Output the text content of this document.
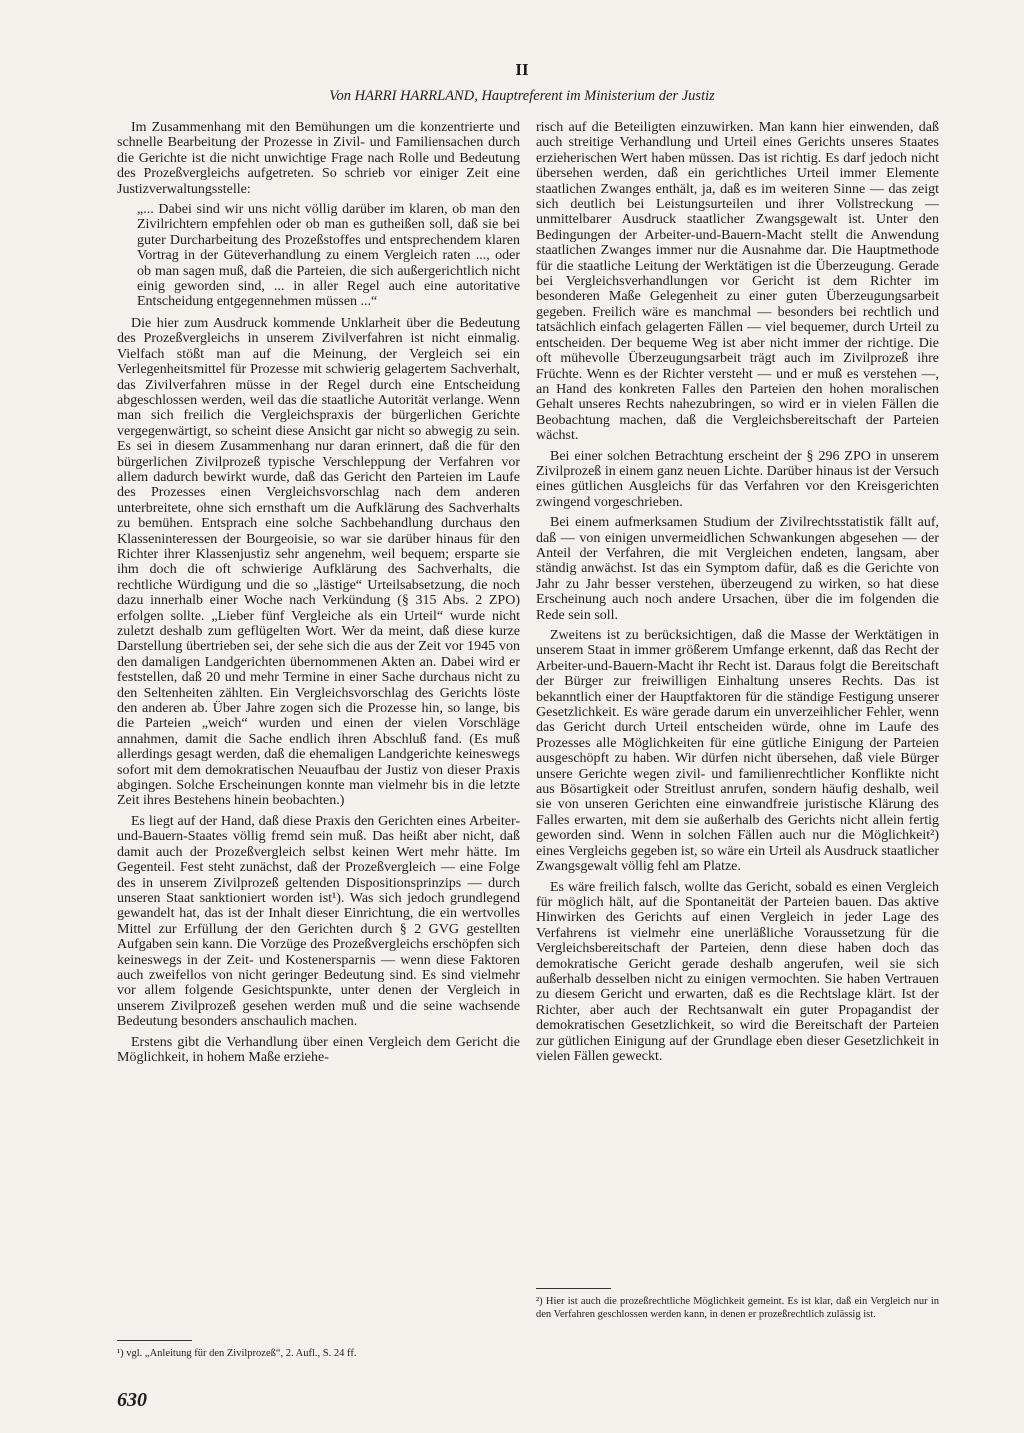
II
Von HARRI HARRLAND, Hauptreferent im Ministerium der Justiz

Im Zusammenhang mit den Bemühungen um die konzentrierte und schnelle Bearbeitung der Prozesse in Zivil- und Familiensachen durch die Gerichte ist die nicht unwichtige Frage nach Rolle und Bedeutung des Prozeßvergleichs aufgetreten. So schrieb vor einiger Zeit eine Justizverwaltungsstelle:

„... Dabei sind wir uns nicht völlig darüber im klaren, ob man den Zivilrichtern empfehlen oder ob man es gutheißen soll, daß sie bei guter Durcharbeitung des Prozeßstoffes und entsprechendem klaren Vortrag in der Güteverhandlung zu einem Vergleich raten ..., oder ob man sagen muß, daß die Parteien, die sich außergerichtlich nicht einig geworden sind, ... in aller Regel auch eine autoritative Entscheidung entgegennehmen müssen ...“

Die hier zum Ausdruck kommende Unklarheit über die Bedeutung des Prozeßvergleichs in unserem Zivilverfahren ist nicht einmalig. Vielfach stößt man auf die Meinung, der Vergleich sei ein Verlegenheitsmittel für Prozesse mit schwierig gelagertem Sachverhalt, das Zivilverfahren müsse in der Regel durch eine Entscheidung abgeschlossen werden, weil das die staatliche Autorität verlange. Wenn man sich freilich die Vergleichspraxis der bürgerlichen Gerichte vergegenwärtigt, so scheint diese Ansicht gar nicht so abwegig zu sein. Es sei in diesem Zusammenhang nur daran erinnert, daß die für den bürgerlichen Zivilprozeß typische Verschleppung der Verfahren vor allem dadurch bewirkt wurde, daß das Gericht den Parteien im Laufe des Prozesses einen Vergleichsvorschlag nach dem anderen unterbreitete, ohne sich ernsthaft um die Aufklärung des Sachverhalts zu bemühen. Entsprach eine solche Sachbehandlung durchaus den Klasseninteressen der Bourgeoisie, so war sie darüber hinaus für den Richter ihrer Klassenjustiz sehr angenehm, weil bequem; ersparte sie ihm doch die oft schwierige Aufklärung des Sachverhalts, die rechtliche Würdigung und die so „lästige“ Urteilsabsetzung, die noch dazu innerhalb einer Woche nach Verkündung (§ 315 Abs. 2 ZPO) erfolgen sollte. „Lieber fünf Vergleiche als ein Urteil“ wurde nicht zuletzt deshalb zum geflügelten Wort. Wer da meint, daß diese kurze Darstellung übertrieben sei, der sehe sich die aus der Zeit vor 1945 von den damaligen Landgerichten übernommenen Akten an. Dabei wird er feststellen, daß 20 und mehr Termine in einer Sache durchaus nicht zu den Seltenheiten zählten. Ein Vergleichsvorschlag des Gerichts löste den anderen ab. Über Jahre zogen sich die Prozesse hin, so lange, bis die Parteien „weich“ wurden und einen der vielen Vorschläge annahmen, damit die Sache endlich ihren Abschluß fand. (Es muß allerdings gesagt werden, daß die ehemaligen Landgerichte keineswegs sofort mit dem demokratischen Neuaufbau der Justiz von dieser Praxis abgingen. Solche Erscheinungen konnte man vielmehr bis in die letzte Zeit ihres Bestehens hinein beobachten.)

Es liegt auf der Hand, daß diese Praxis den Gerichten eines Arbeiter-und-Bauern-Staates völlig fremd sein muß. Das heißt aber nicht, daß damit auch der Prozeßvergleich selbst keinen Wert mehr hätte. Im Gegenteil. Fest steht zunächst, daß der Prozeßvergleich — eine Folge des in unserem Zivilprozeß geltenden Dispositionsprinzips — durch unseren Staat sanktioniert worden ist¹). Was sich jedoch grundlegend gewandelt hat, das ist der Inhalt dieser Einrichtung, die ein wertvolles Mittel zur Erfüllung der den Gerichten durch § 2 GVG gestellten Aufgaben sein kann. Die Vorzüge des Prozeßvergleichs erschöpfen sich keineswegs in der Zeit- und Kostenersparnis — wenn diese Faktoren auch zweifellos von nicht geringer Bedeutung sind. Es sind vielmehr vor allem folgende Gesichtspunkte, unter denen der Vergleich in unserem Zivilprozeß gesehen werden muß und die seine wachsende Bedeutung besonders anschaulich machen.

Erstens gibt die Verhandlung über einen Vergleich dem Gericht die Möglichkeit, in hohem Maße erziehe-

risch auf die Beteiligten einzuwirken. Man kann hier einwenden, daß auch streitige Verhandlung und Urteil eines Gerichts unseres Staates erzieherischen Wert haben müssen. Das ist richtig. Es darf jedoch nicht übersehen werden, daß ein gerichtliches Urteil immer Elemente staatlichen Zwanges enthält, ja, daß es im weiteren Sinne — das zeigt sich deutlich bei Leistungsurteilen und ihrer Vollstreckung — unmittelbarer Ausdruck staatlicher Zwangsgewalt ist. Unter den Bedingungen der Arbeiter-und-Bauern-Macht stellt die Anwendung staatlichen Zwanges immer nur die Ausnahme dar. Die Hauptmethode für die staatliche Leitung der Werktätigen ist die Überzeugung. Gerade bei Vergleichsverhandlungen vor Gericht ist dem Richter im besonderen Maße Gelegenheit zu einer guten Überzeugungsarbeit gegeben. Freilich wäre es manchmal — besonders bei rechtlich und tatsächlich einfach gelagerten Fällen — viel bequemer, durch Urteil zu entscheiden. Der bequeme Weg ist aber nicht immer der richtige. Die oft mühevolle Überzeugungsarbeit trägt auch im Zivilprozeß ihre Früchte. Wenn es der Richter versteht — und er muß es verstehen —, an Hand des konkreten Falles den Parteien den hohen moralischen Gehalt unseres Rechts nahezubringen, so wird er in vielen Fällen die Beobachtung machen, daß die Vergleichsbereitschaft der Parteien wächst.

Bei einer solchen Betrachtung erscheint der § 296 ZPO in unserem Zivilprozeß in einem ganz neuen Lichte. Darüber hinaus ist der Versuch eines gütlichen Ausgleichs für das Verfahren vor den Kreisgerichten zwingend vorgeschrieben.

Bei einem aufmerksamen Studium der Zivilrechtsstatistik fällt auf, daß — von einigen unvermeidlichen Schwankungen abgesehen — der Anteil der Verfahren, die mit Vergleichen endeten, langsam, aber ständig anwächst. Ist das ein Symptom dafür, daß es die Gerichte von Jahr zu Jahr besser verstehen, überzeugend zu wirken, so hat diese Erscheinung auch noch andere Ursachen, über die im folgenden die Rede sein soll.

Zweitens ist zu berücksichtigen, daß die Masse der Werktätigen in unserem Staat in immer größerem Umfange erkennt, daß das Recht der Arbeiter-und-Bauern-Macht ihr Recht ist. Daraus folgt die Bereitschaft der Bürger zur freiwilligen Einhaltung unseres Rechts. Das ist bekanntlich einer der Hauptfaktoren für die ständige Festigung unserer Gesetzlichkeit. Es wäre gerade darum ein unverzeihlicher Fehler, wenn das Gericht durch Urteil entscheiden würde, ohne im Laufe des Prozesses alle Möglichkeiten für eine gütliche Einigung der Parteien ausgeschöpft zu haben. Wir dürfen nicht übersehen, daß viele Bürger unsere Gerichte wegen zivil- und familienrechtlicher Konflikte nicht aus Bösartigkeit oder Streitlust anrufen, sondern häufig deshalb, weil sie von unseren Gerichten eine einwandfreie juristische Klärung des Falles erwarten, mit dem sie außerhalb des Gerichts nicht allein fertig geworden sind. Wenn in solchen Fällen auch nur die Möglichkeit²) eines Vergleichs gegeben ist, so wäre ein Urteil als Ausdruck staatlicher Zwangsgewalt völlig fehl am Platze.

Es wäre freilich falsch, wollte das Gericht, sobald es einen Vergleich für möglich hält, auf die Spontaneität der Parteien bauen. Das aktive Hinwirken des Gerichts auf einen Vergleich in jeder Lage des Verfahrens ist vielmehr eine unerläßliche Voraussetzung für die Vergleichsbereitschaft der Parteien, denn diese haben doch das demokratische Gericht gerade deshalb angerufen, weil sie sich außerhalb desselben nicht zu einigen vermochten. Sie haben Vertrauen zu diesem Gericht und erwarten, daß es die Rechtslage klärt. Ist der Richter, aber auch der Rechtsanwalt ein guter Propagandist der demokratischen Gesetzlichkeit, so wird die Bereitschaft der Parteien zur gütlichen Einigung auf der Grundlage eben dieser Gesetzlichkeit in vielen Fällen geweckt.

¹) vgl. „Anleitung für den Zivilprozeß“, 2. Aufl., S. 24 ff.
²) Hier ist auch die prozeßrechtliche Möglichkeit gemeint. Es ist klar, daß ein Vergleich nur in den Verfahren geschlossen werden kann, in denen er prozeßrechtlich zulässig ist.
630
